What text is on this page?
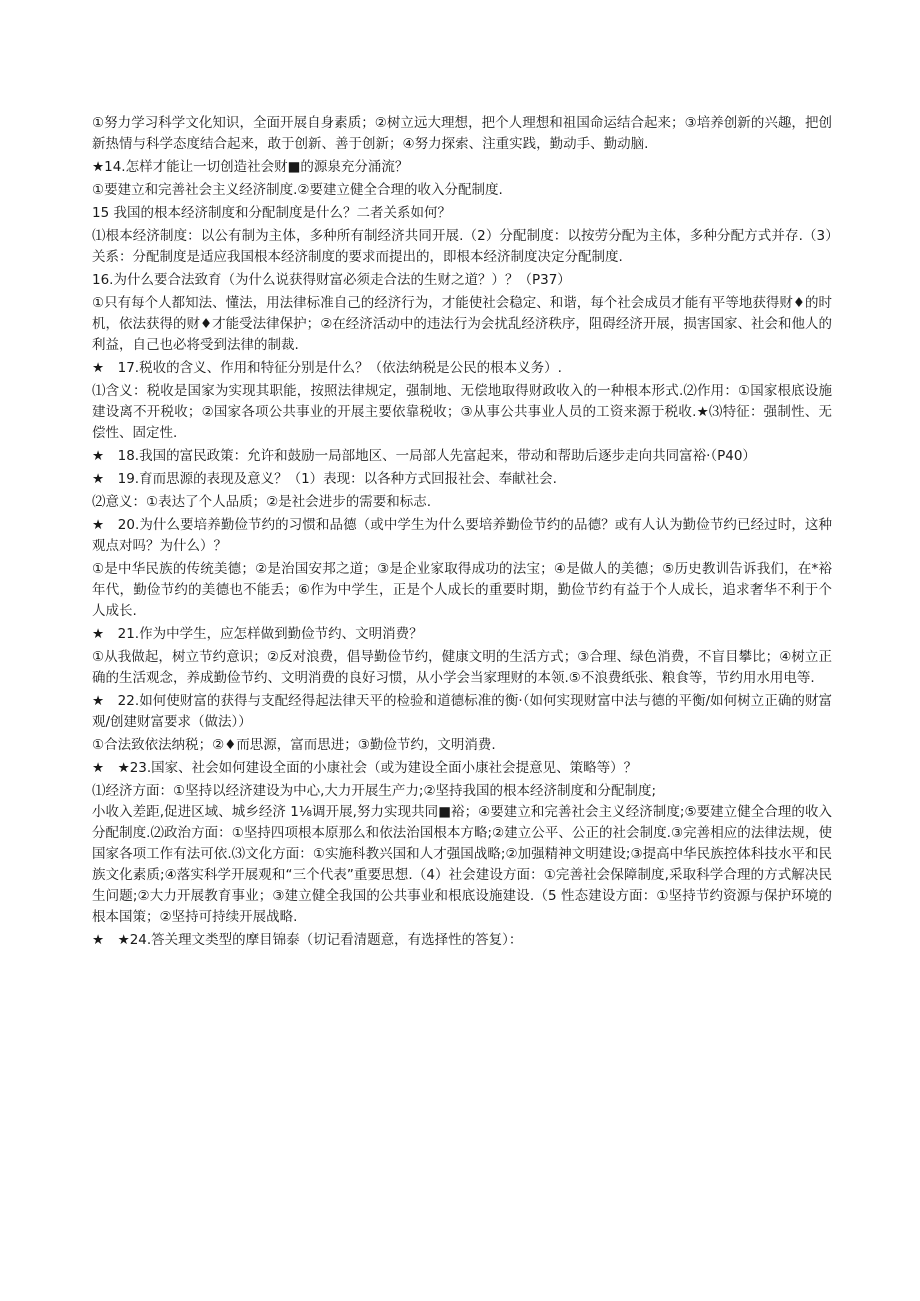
①努力学习科学文化知识，全面开展自身素质；②树立远大理想，把个人理想和祖国命运结合起来；③培养创新的兴趣，把创新热情与科学态度结合起来，敢于创新、善于创新；④努力探索、注重实践，勤动手、勤动脑.

★14.怎样才能让一切创造社会财■的源泉充分涌流？

①要建立和完善社会主义经济制度.②要建立健全合理的收入分配制度.

15 我国的根本经济制度和分配制度是什么？二者关系如何？

⑴根本经济制度：以公有制为主体，多种所有制经济共同开展.（2）分配制度：以按劳分配为主体，多种分配方式并存.（3）关系：分配制度是适应我国根本经济制度的要求而提出的，即根本经济制度决定分配制度.

16.为什么要合法致育（为什么说获得财富必须走合法的生财之道？）？（P37）

①只有每个人都知法、懂法，用法律标准自己的经济行为，才能使社会稳定、和谐，每个社会成员才能有平等地获得财♦的时机，依法获得的财♦才能受法律保护；②在经济活动中的违法行为会扰乱经济秩序，阻碍经济开展，损害国家、社会和他人的利益，自己也必将受到法律的制裁.

★　17.税收的含义、作用和特征分别是什么？（依法纳税是公民的根本义务）.

⑴含义：税收是国家为实现其职能，按照法律规定，强制地、无偿地取得财政收入的一种根本形式.⑵作用：①国家根底设施建设离不开税收；②国家各项公共事业的开展主要依靠税收；③从事公共事业人员的工资来源于税收.★⑶特征：强制性、无偿性、固定性.

★　18.我国的富民政策：允许和鼓励一局部地区、一局部人先富起来，带动和帮助后逐步走向共同富裕·（P40）

★　19.育而思源的表现及意义？（1）表现：以各种方式回报社会、奉献社会.

⑵意义：①表达了个人品质；②是社会进步的需要和标志.

★　20.为什么要培养勤俭节约的习惯和品德（或中学生为什么要培养勤俭节约的品德？或有人认为勤俭节约已经过时，这种观点对吗？为什么）？

①是中华民族的传统美德；②是治国安邦之道；③是企业家取得成功的法宝；④是做人的美德；⑤历史教训告诉我们，在*裕年代，勤俭节约的美德也不能丢；⑥作为中学生，正是个人成长的重要时期，勤俭节约有益于个人成长，追求奢华不利于个人成长.

★　21.作为中学生，应怎样做到勤俭节约、文明消费？

①从我做起，树立节约意识；②反对浪费，倡导勤俭节约，健康文明的生活方式；③合理、绿色消费，不盲目攀比；④树立正确的生活观念，养成勤俭节约、文明消费的良好习惯，从小学会当家理财的本领.⑤不浪费纸张、粮食等，节约用水用电等.

★　22.如何使财富的获得与支配经得起法律天平的检验和道德标准的衡·（如何实现财富中法与德的平衡/如何树立正确的财富观/创建财富要求（做法））

①合法致依法纳税；②♦而思源，富而思进；③勤俭节约，文明消费.

★　★23.国家、社会如何建设全面的小康社会（或为建设全面小康社会提意见、策略等）？

⑴经济方面：①坚持以经济建设为中心,大力开展生产力;②坚持我国的根本经济制度和分配制度;
小收入差距,促进区域、城乡经济 1⅛调开展,努力实现共同■裕；④要建立和完善社会主义经济制度;⑤要建立健全合理的收入分配制度.⑵政治方面：①坚持四项根本原那么和依法治国根本方略;②建立公平、公正的社会制度.③完善相应的法律法规，使国家各项工作有法可依.⑶文化方面：①实施科教兴国和人才强国战略;②加强精神文明建设;③提高中华民族控体科技水平和民族文化素质;④落实科学开展观和“三个代表”重要思想.（4）社会建设方面：①完善社会保障制度,采取科学合理的方式解决民生问题;②大力开展教育事业；③建立健全我国的公共事业和根底设施建设.（5 性态建设方面：①坚持节约资源与保护环境的根本国策；②坚持可持续开展战略.

★　★24.答关理文类型的摩目锦泰（切记看清题意，有选择性的答复）：
